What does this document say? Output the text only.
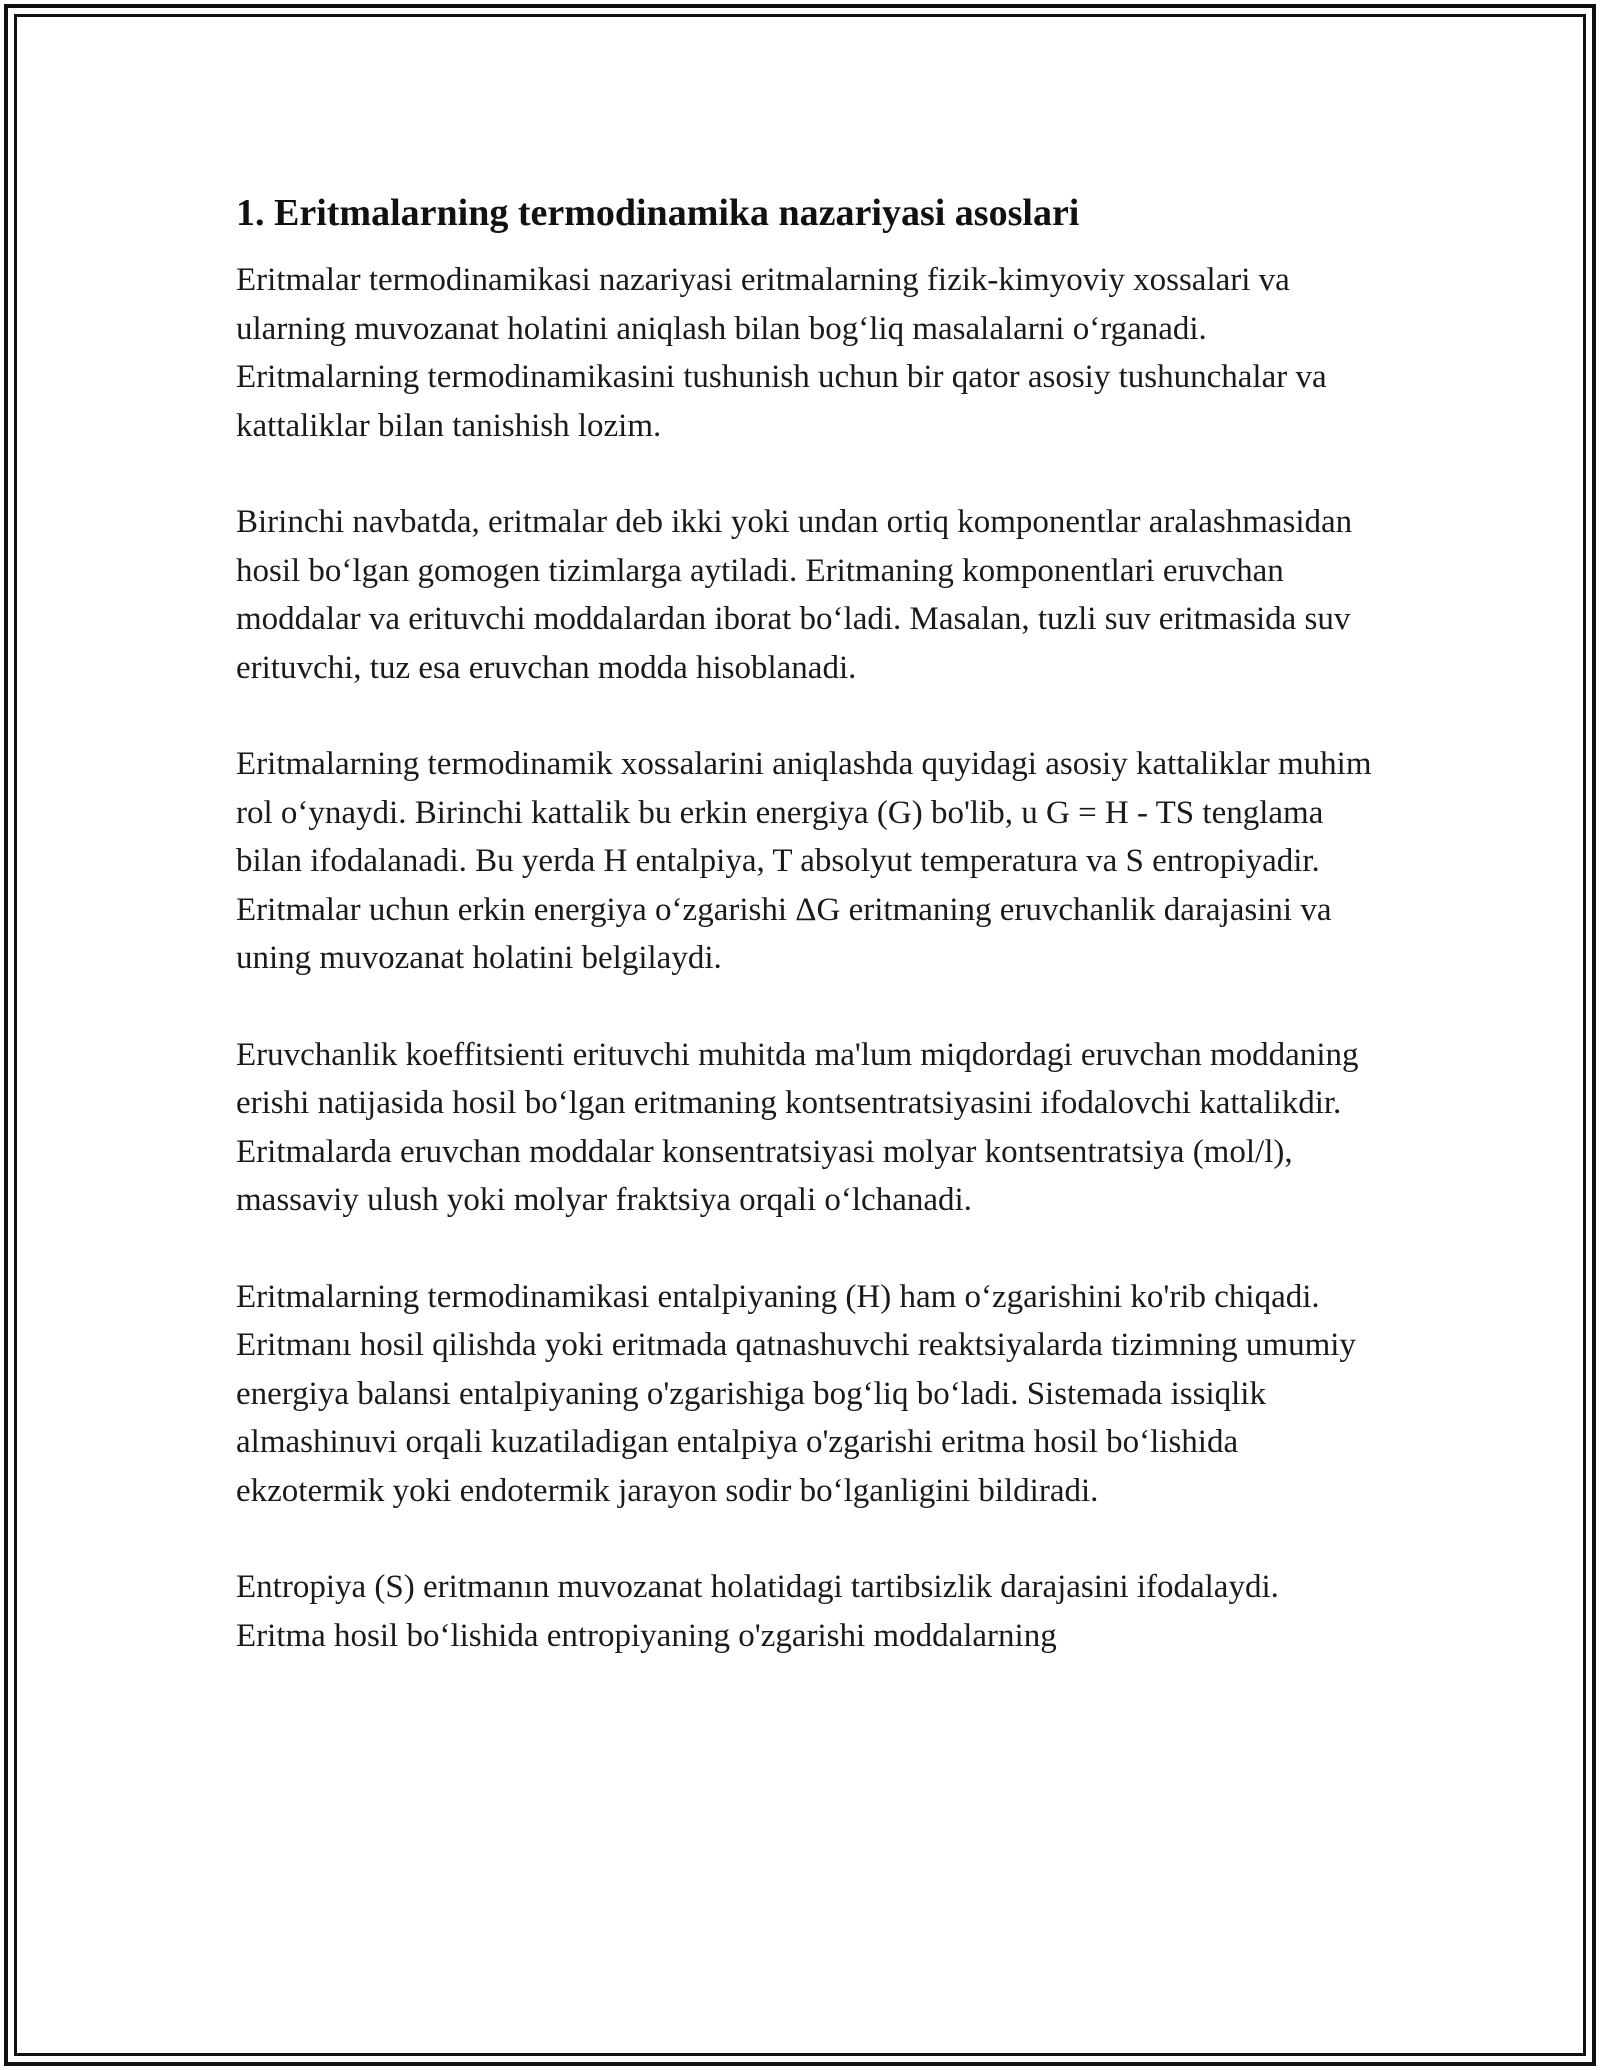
1. Eritmalarning termodinamika nazariyasi asoslari

Eritmalar termodinamikasi nazariyasi eritmalarning fizik-kimyoviy xossalari va ularning muvozanat holatini aniqlash bilan bog‘liq masalalarni o‘rganadi. Eritmalarning termodinamikasini tushunish uchun bir qator asosiy tushunchalar va kattaliklar bilan tanishish lozim.

Birinchi navbatda, eritmalar deb ikki yoki undan ortiq komponentlar aralashmasidan hosil bo‘lgan gomogen tizimlarga aytiladi. Eritmaning komponentlari eruvchan moddalar va erituvchi moddalardan iborat bo‘ladi. Masalan, tuzli suv eritmasida suv erituvchi, tuz esa eruvchan modda hisoblanadi.

Eritmalarning termodinamik xossalarini aniqlashda quyidagi asosiy kattaliklar muhim rol o‘ynaydi. Birinchi kattalik bu erkin energiya (G) bo'lib, u G = H - TS tenglama bilan ifodalanadi. Bu yerda H entalpiya, T absolyut temperatura va S entropiyadir. Eritmalar uchun erkin energiya o‘zgarishi ΔG eritmaning eruvchanlik darajasini va uning muvozanat holatini belgilaydi.

Eruvchanlik koeffitsienti erituvchi muhitda ma'lum miqdordagi eruvchan moddaning erishi natijasida hosil bo‘lgan eritmaning kontsentratsiyasini ifodalovchi kattalikdir. Eritmalarda eruvchan moddalar konsentratsiyasi molyar kontsentratsiya (mol/l), massaviy ulush yoki molyar fraktsiya orqali o‘lchanadi.

Eritmalarning termodinamikasi entalpiyaning (H) ham o‘zgarishini ko'rib chiqadi. Eritmanı hosil qilishda yoki eritmada qatnashuvchi reaktsiyalarda tizimning umumiy energiya balansi entalpiyaning o'zgarishiga bog‘liq bo‘ladi. Sistemada issiqlik almashinuvi orqali kuzatiladigan entalpiya o'zgarishi eritma hosil bo‘lishida ekzotermik yoki endotermik jarayon sodir bo‘lganligini bildiradi.

Entropiya (S) eritmanın muvozanat holatidagi tartibsizlik darajasini ifodalaydi. Eritma hosil bo‘lishida entropiyaning o'zgarishi moddalarning
